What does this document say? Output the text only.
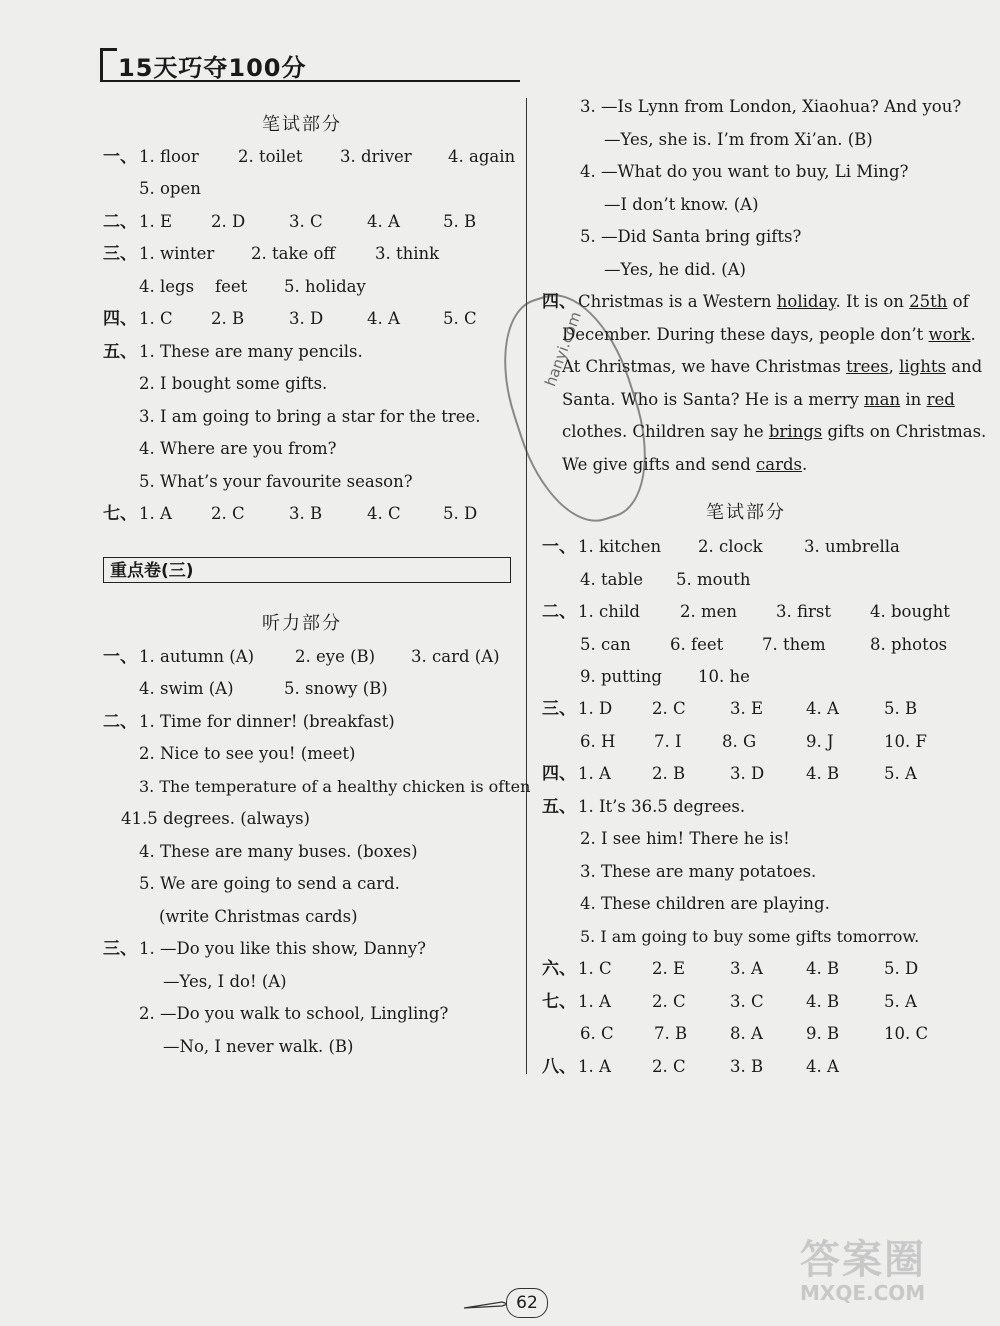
15天巧夺100分
笔试部分
一、 1. floor 2. toilet 3. driver 4. again
5. open
二、 1. E 2. D	3. C	4. A	5. B
三、 1. winter 2. take off 3. think
4. legs feet 5. holiday
四、 1. C 2. B	3. D	4. A	5. C
五、 1. These are many pencils.
2. I bought some gifts.
3. I am going to bring a star for the tree.
4. Where are you from?
5. What’s your favourite season?
七、 1. A 2. C	3. B	4. C	5. D
重点卷(三)
听力部分
一、 1. autumn (A) 2. eye (B) 3. card (A)
4. swim (A)	5. snowy (B)
二、 1. Time for dinner! (breakfast)
2. Nice to see you! (meet)
3. The temperature of a healthy chicken is often
41.5 degrees. (always)
4. These are many buses. (boxes)
5. We are going to send a card.
(write Christmas cards)
三、 1. —Do you like this show, Danny?
—Yes, I do! (A)
2. —Do you walk to school, Lingling?
—No, I never walk. (B)
3. —Is Lynn from London, Xiaohua? And you?
—Yes, she is. I’m from Xi’an. (B)
4. —What do you want to buy, Li Ming?
—I don’t know. (A)
5. —Did Santa bring gifts?
—Yes, he did. (A)
四、 Christmas is a Western holiday. It is on 25th of
December. During these days, people don’t work.
At Christmas, we have Christmas trees, lights and
Santa. Who is Santa? He is a merry man in red
clothes. Children say he brings gifts on Christmas.
We give gifts and send cards.
笔试部分
一、 1. kitchen 2. clock	3. umbrella
4. table 5. mouth
二、 1. child 2. men 3. first 4. bought
5. can 6. feet 7. them	8. photos
9. putting 10. he
三、 1. D 2. C	3. E	4. A	5. B
6. H 7. I 8. G	9. J	10. F
四、 1. A 2. B	3. D	4. B	5. A
五、 1. It’s 36.5 degrees.
2. I see him! There he is!
3. These are many potatoes.
4. These children are playing.
5. I am going to buy some gifts tomorrow.
六、 1. C 2. E	3. A	4. B	5. D
七、 1. A 2. C	3. C	4. B	5. A
6. C 7. B	8. A	9. B	10. C
八、 1. A 2. C	3. B	4. A
hanyi.com
62
答案圈
MXQE.COM
